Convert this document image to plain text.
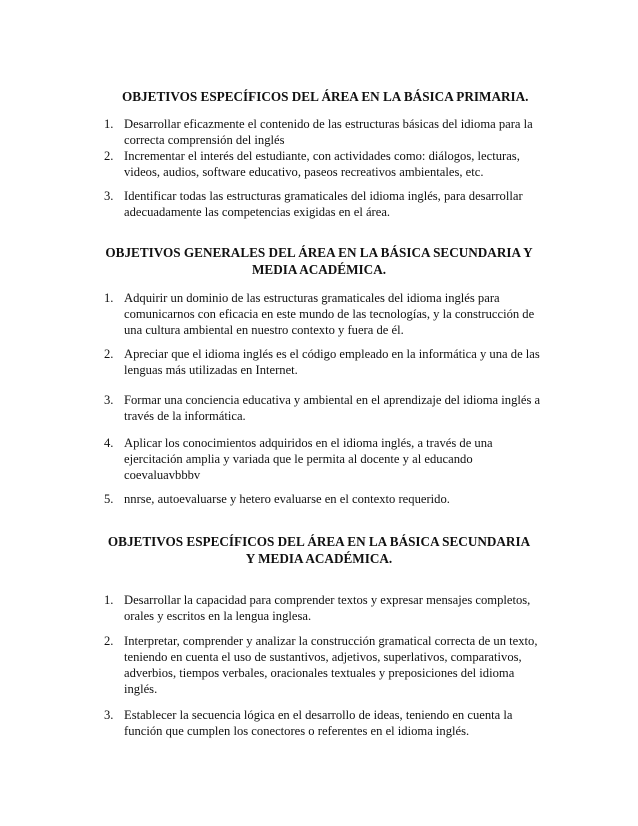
OBJETIVOS ESPECÍFICOS DEL ÁREA EN LA BÁSICA PRIMARIA.
1. Desarrollar eficazmente el contenido de las estructuras básicas del idioma para la correcta comprensión del inglés
2. Incrementar el interés del estudiante, con actividades como: diálogos, lecturas, videos, audios, software educativo, paseos recreativos ambientales, etc.
3. Identificar todas las estructuras gramaticales del idioma inglés, para desarrollar adecuadamente las competencias exigidas en el área.
OBJETIVOS GENERALES DEL ÁREA EN LA BÁSICA SECUNDARIA Y MEDIA ACADÉMICA.
1. Adquirir un dominio de las estructuras gramaticales del idioma inglés para comunicarnos con eficacia en este mundo de las tecnologías, y la construcción de una cultura ambiental en nuestro contexto y fuera de él.
2. Apreciar que el idioma inglés es el código empleado en la informática y una de las lenguas más utilizadas en Internet.
3. Formar una conciencia educativa y ambiental en el aprendizaje del idioma inglés a través de la informática.
4. Aplicar los conocimientos adquiridos en el idioma inglés, a través de una ejercitación amplia y variada que le permita al docente y al educando coevaluavbbbv
5. nnrse, autoevaluarse y hetero evaluarse en el contexto requerido.
OBJETIVOS ESPECÍFICOS DEL ÁREA EN LA BÁSICA SECUNDARIA Y MEDIA ACADÉMICA.
1. Desarrollar la capacidad para comprender textos y expresar mensajes completos, orales y escritos en la lengua inglesa.
2. Interpretar, comprender y analizar la construcción gramatical correcta de un texto, teniendo en cuenta el uso de sustantivos, adjetivos, superlativos, comparativos, adverbios, tiempos verbales, oracionales textuales y preposiciones del idioma inglés.
3. Establecer la secuencia lógica en el desarrollo de ideas, teniendo en cuenta la función que cumplen los conectores o referentes en el idioma inglés.
